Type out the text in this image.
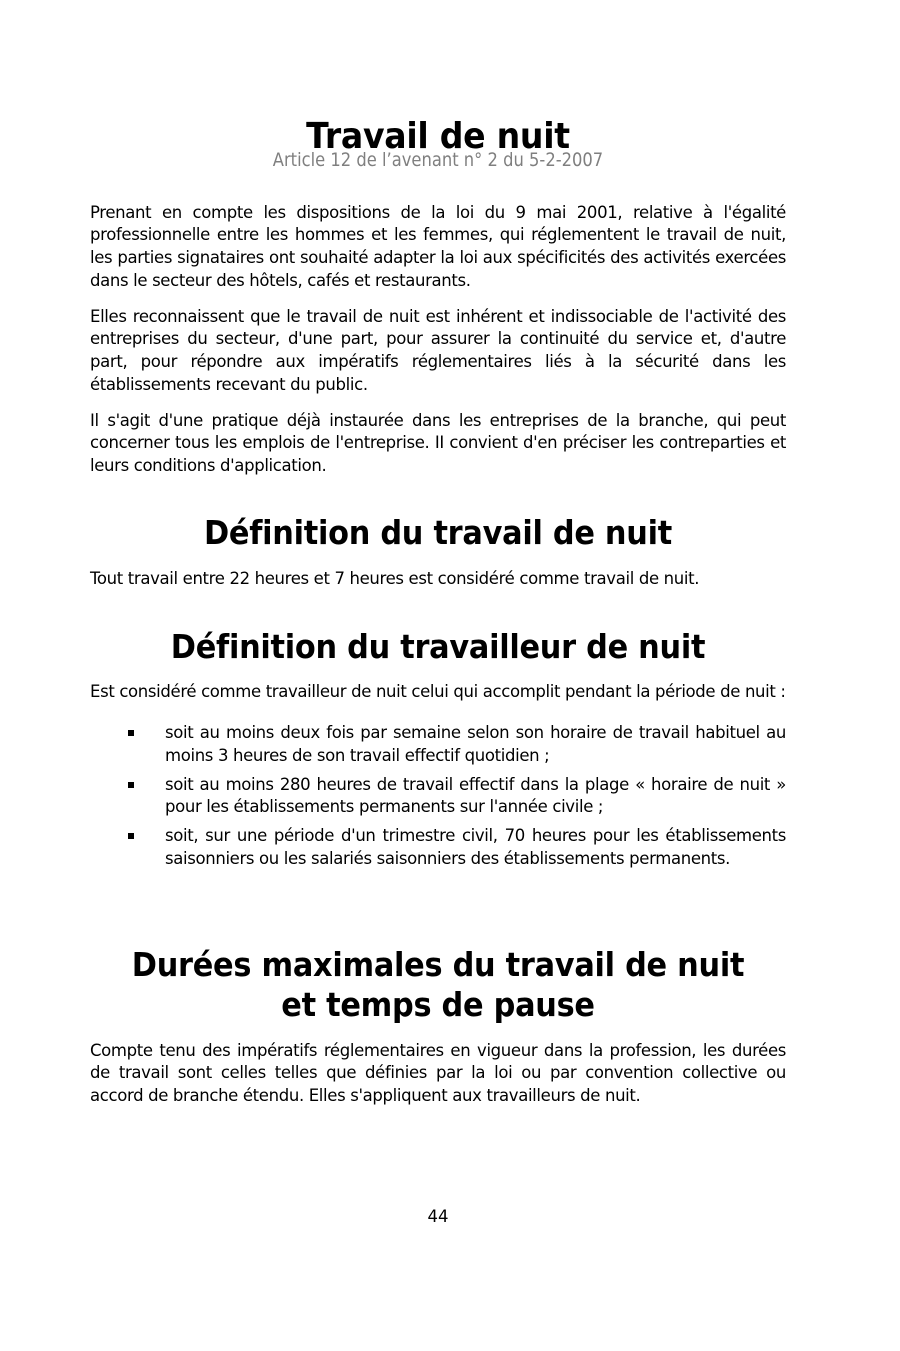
Travail de nuit
Article 12 de l’avenant n° 2 du 5-2-2007

Prenant en compte les dispositions de la loi du 9 mai 2001, relative à l'égalité professionnelle entre les hommes et les femmes, qui réglementent le travail de nuit, les parties signataires ont souhaité adapter la loi aux spécificités des activités exercées dans le secteur des hôtels, cafés et restaurants.

Elles reconnaissent que le travail de nuit est inhérent et indissociable de l'activité des entreprises du secteur, d'une part, pour assurer la continuité du service et, d'autre part, pour répondre aux impératifs réglementaires liés à la sécurité dans les établissements recevant du public.

Il s'agit d'une pratique déjà instaurée dans les entreprises de la branche, qui peut concerner tous les emplois de l'entreprise. II convient d'en préciser les contreparties et leurs conditions d'application.

Définition du travail de nuit

Tout travail entre 22 heures et 7 heures est considéré comme travail de nuit.

Définition du travailleur de nuit

Est considéré comme travailleur de nuit celui qui accomplit pendant la période de nuit :

soit au moins deux fois par semaine selon son horaire de travail habituel au moins 3 heures de son travail effectif quotidien ;
soit au moins 280 heures de travail effectif dans la plage « horaire de nuit » pour les établissements permanents sur l'année civile ;
soit, sur une période d'un trimestre civil, 70 heures pour les établissements saisonniers ou les salariés saisonniers des établissements permanents.
Durées maximales du travail de nuit et temps de pause

Compte tenu des impératifs réglementaires en vigueur dans la profession, les durées de travail sont celles telles que définies par la loi ou par convention collective ou accord de branche étendu. Elles s'appliquent aux travailleurs de nuit.

44
